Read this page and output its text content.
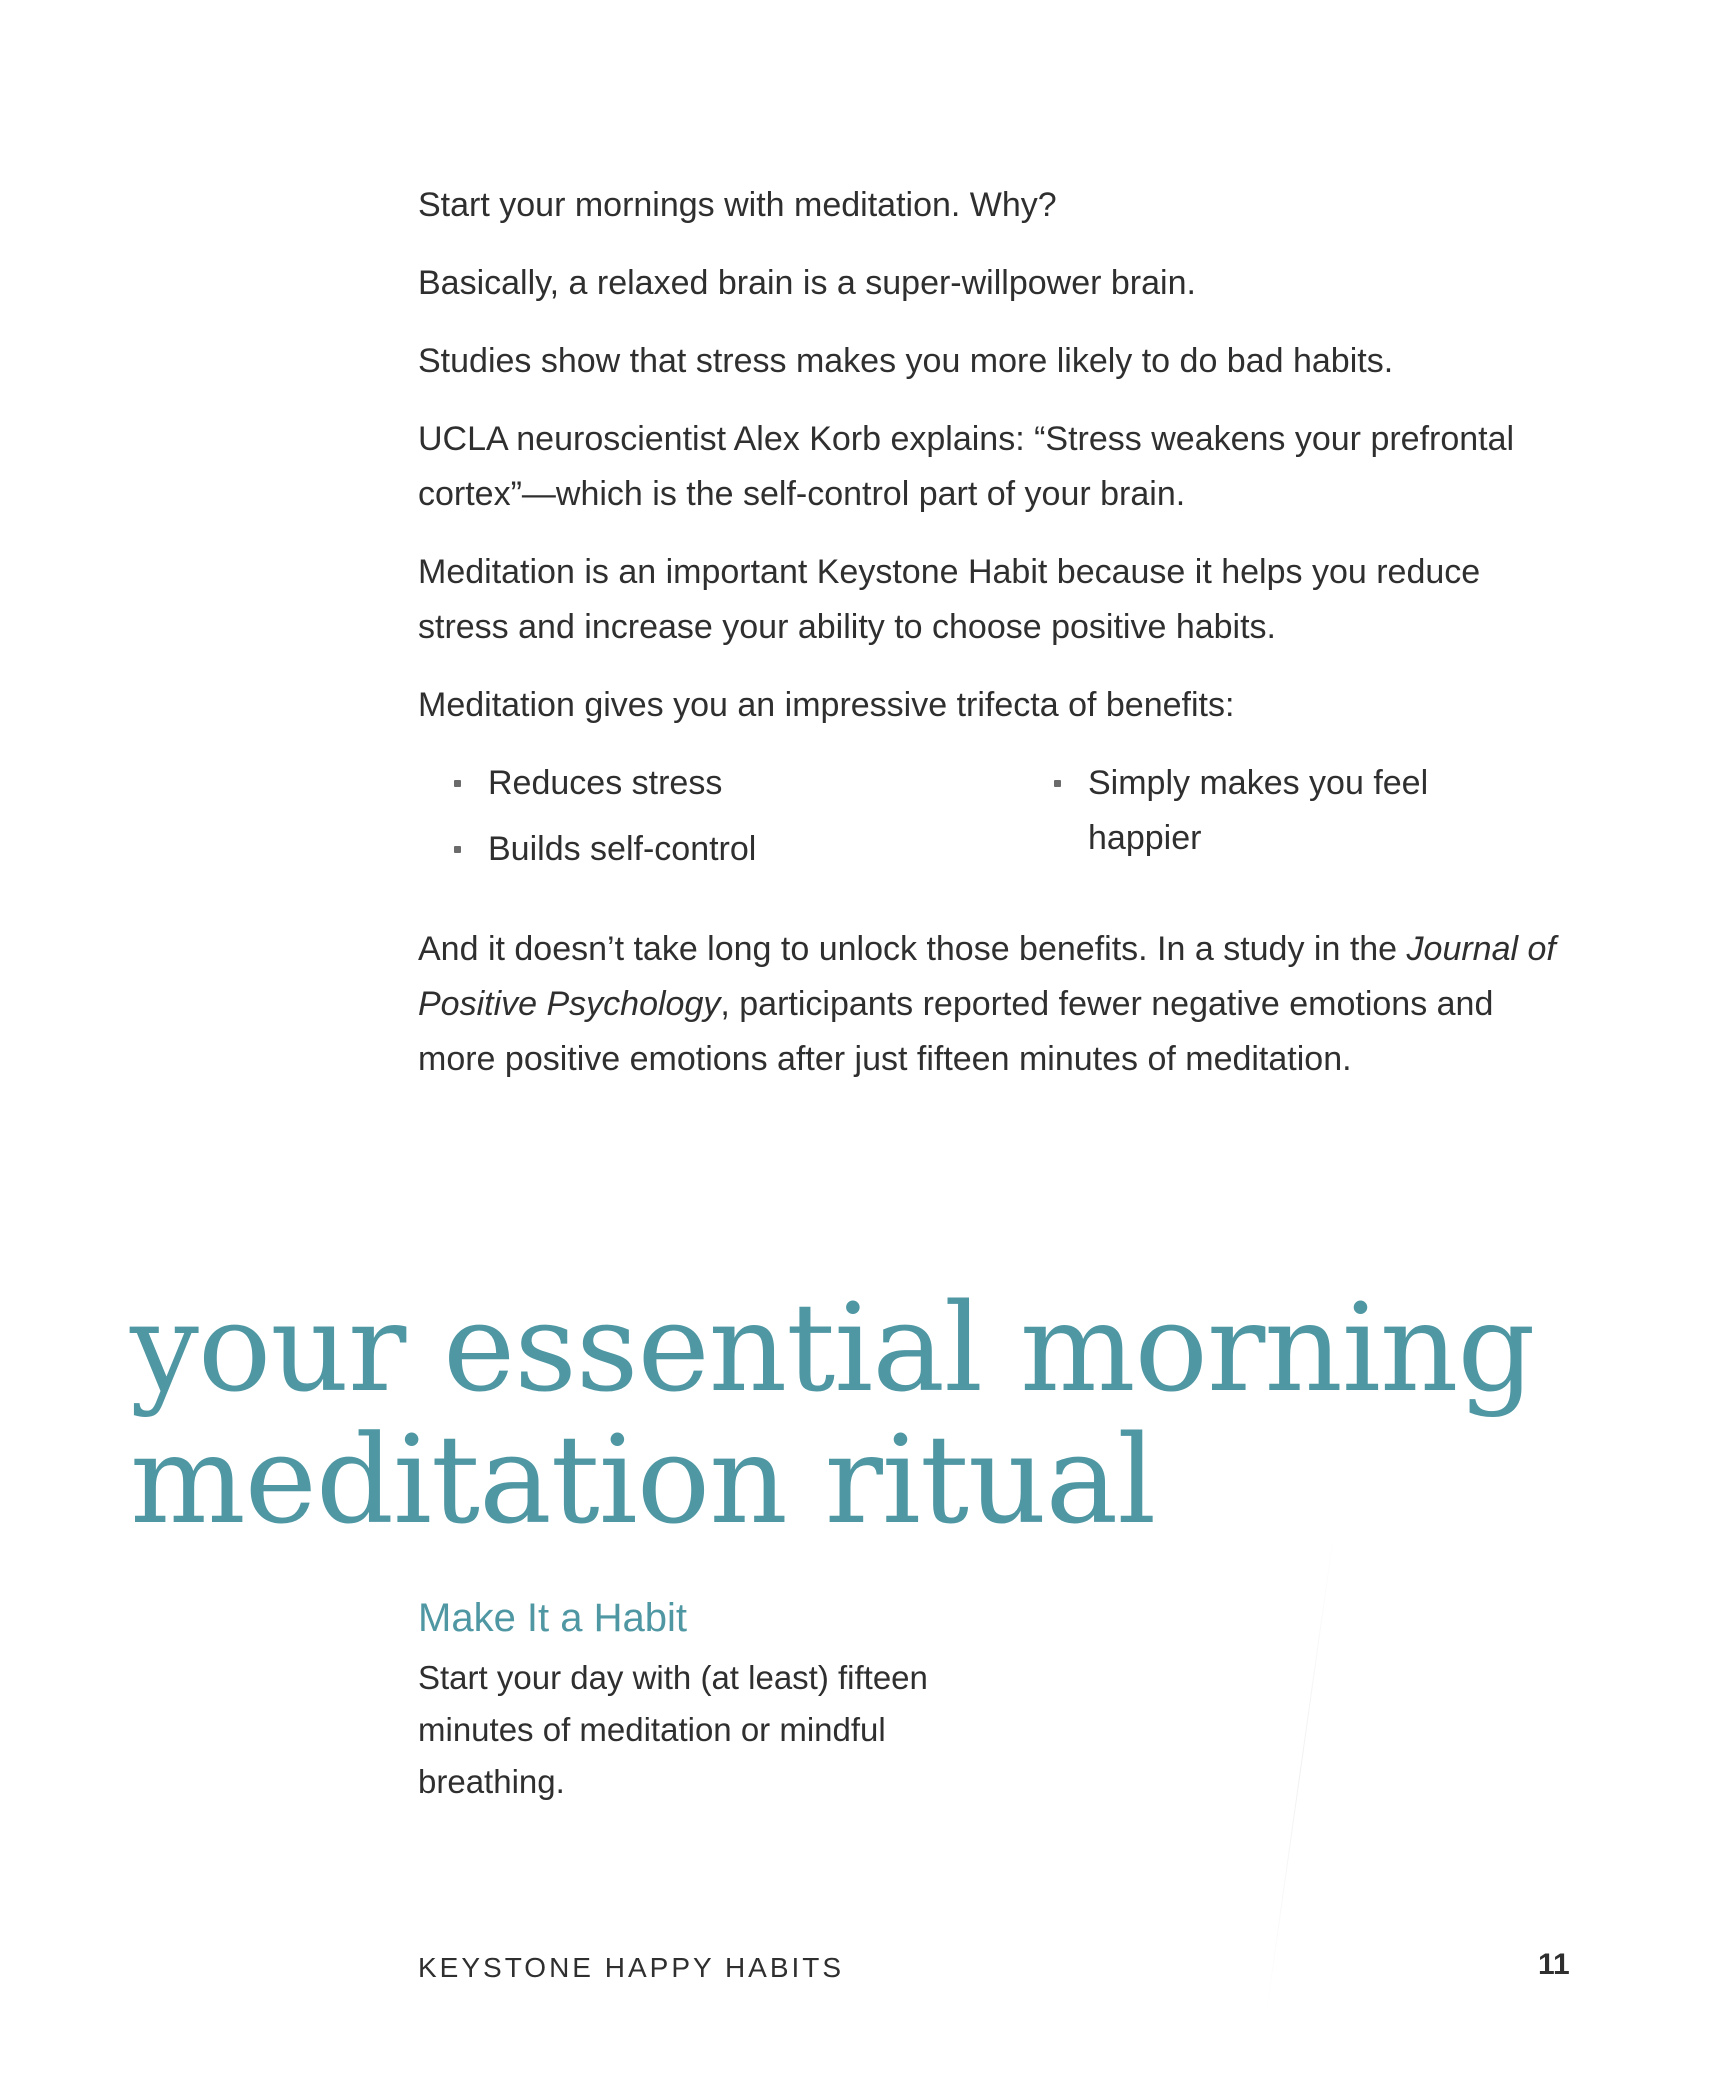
Start your mornings with meditation. Why?

Basically, a relaxed brain is a super-willpower brain.

Studies show that stress makes you more likely to do bad habits.

UCLA neuroscientist Alex Korb explains: “Stress weakens your prefrontal cortex”—which is the self-control part of your brain.

Meditation is an important Keystone Habit because it helps you reduce stress and increase your ability to choose positive habits.

Meditation gives you an impressive trifecta of benefits:

Reduces stress
Builds self-control
Simply makes you feel happier

And it doesn’t take long to unlock those benefits. In a study in the Journal of Positive Psychology, participants reported fewer negative emotions and more positive emotions after just fifteen minutes of meditation.

your essential morning
meditation ritual
Make It a Habit

Start your day with (at least) fifteen minutes of meditation or mindful breathing.

KEYSTONE HAPPY HABITS	11
